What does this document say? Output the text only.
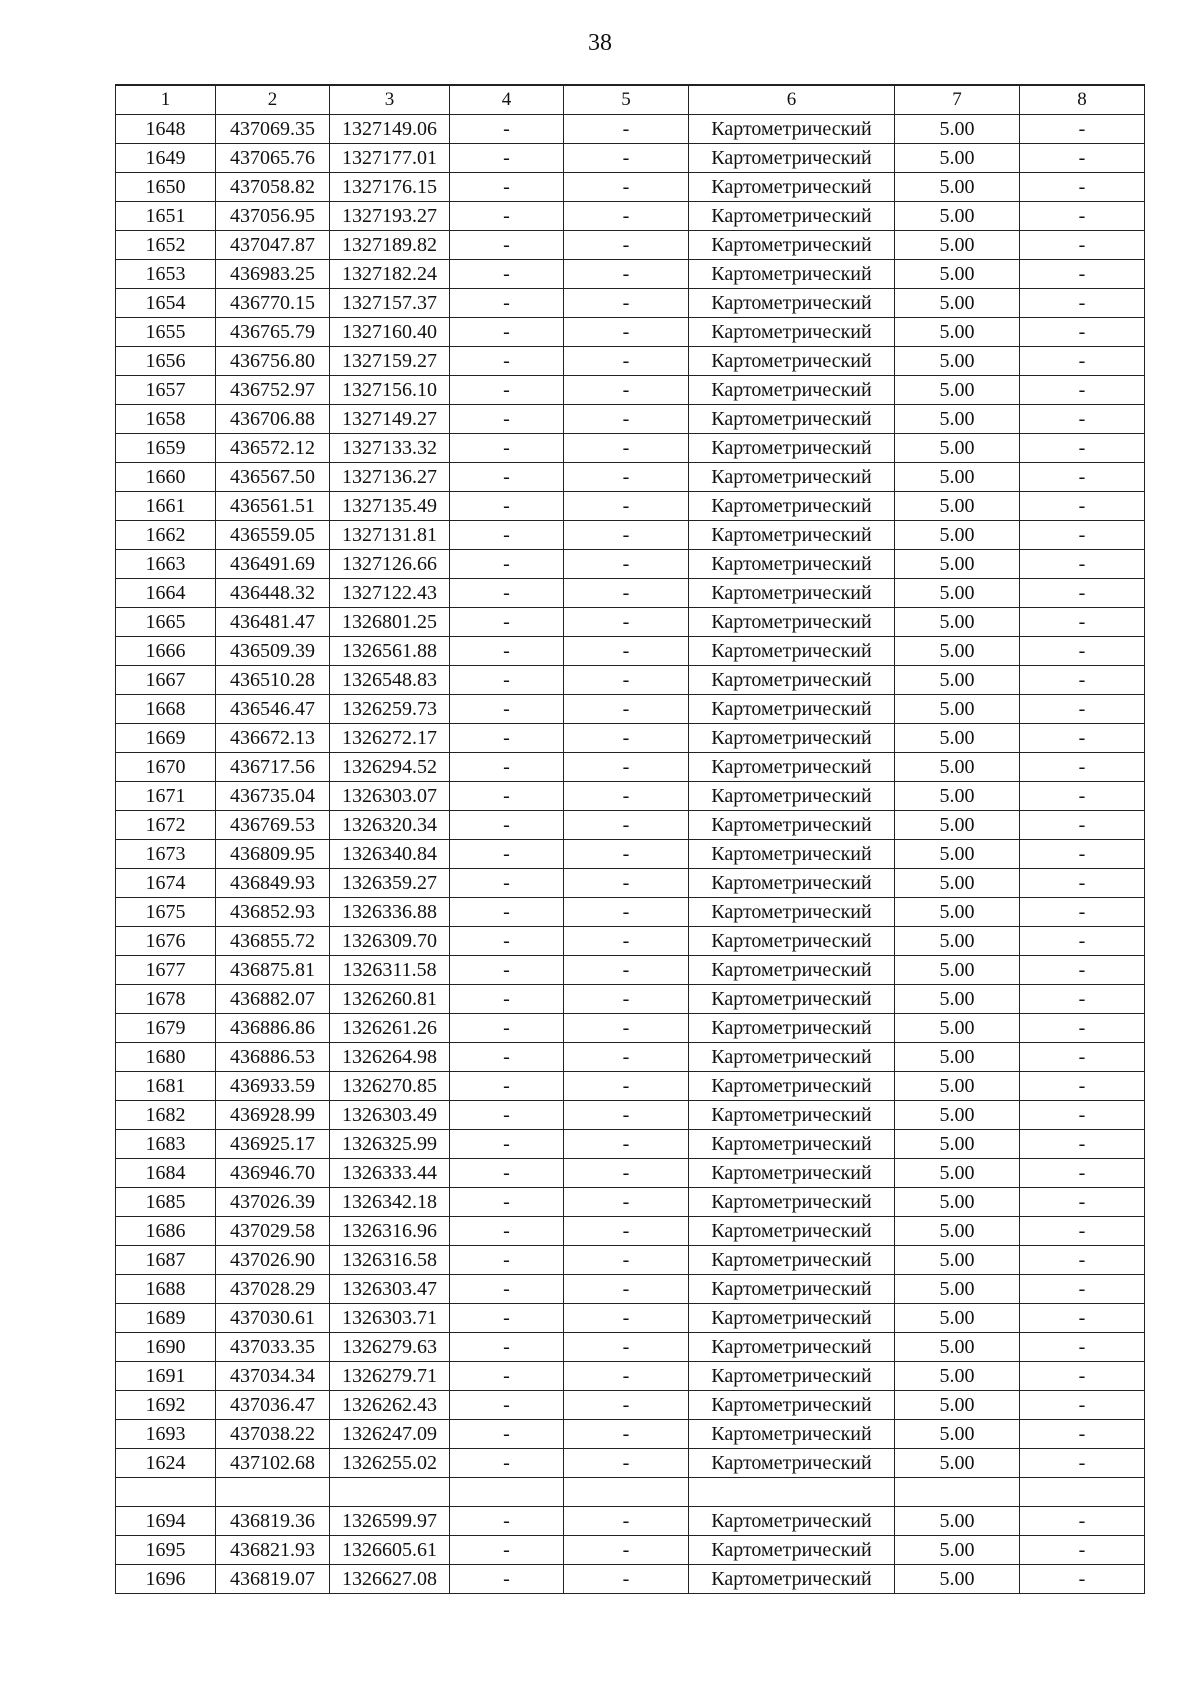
38
1	2	3	4	5	6	7	8
1648	437069.35	1327149.06	-	-	Картометрический	5.00	-
1649	437065.76	1327177.01	-	-	Картометрический	5.00	-
1650	437058.82	1327176.15	-	-	Картометрический	5.00	-
1651	437056.95	1327193.27	-	-	Картометрический	5.00	-
1652	437047.87	1327189.82	-	-	Картометрический	5.00	-
1653	436983.25	1327182.24	-	-	Картометрический	5.00	-
1654	436770.15	1327157.37	-	-	Картометрический	5.00	-
1655	436765.79	1327160.40	-	-	Картометрический	5.00	-
1656	436756.80	1327159.27	-	-	Картометрический	5.00	-
1657	436752.97	1327156.10	-	-	Картометрический	5.00	-
1658	436706.88	1327149.27	-	-	Картометрический	5.00	-
1659	436572.12	1327133.32	-	-	Картометрический	5.00	-
1660	436567.50	1327136.27	-	-	Картометрический	5.00	-
1661	436561.51	1327135.49	-	-	Картометрический	5.00	-
1662	436559.05	1327131.81	-	-	Картометрический	5.00	-
1663	436491.69	1327126.66	-	-	Картометрический	5.00	-
1664	436448.32	1327122.43	-	-	Картометрический	5.00	-
1665	436481.47	1326801.25	-	-	Картометрический	5.00	-
1666	436509.39	1326561.88	-	-	Картометрический	5.00	-
1667	436510.28	1326548.83	-	-	Картометрический	5.00	-
1668	436546.47	1326259.73	-	-	Картометрический	5.00	-
1669	436672.13	1326272.17	-	-	Картометрический	5.00	-
1670	436717.56	1326294.52	-	-	Картометрический	5.00	-
1671	436735.04	1326303.07	-	-	Картометрический	5.00	-
1672	436769.53	1326320.34	-	-	Картометрический	5.00	-
1673	436809.95	1326340.84	-	-	Картометрический	5.00	-
1674	436849.93	1326359.27	-	-	Картометрический	5.00	-
1675	436852.93	1326336.88	-	-	Картометрический	5.00	-
1676	436855.72	1326309.70	-	-	Картометрический	5.00	-
1677	436875.81	1326311.58	-	-	Картометрический	5.00	-
1678	436882.07	1326260.81	-	-	Картометрический	5.00	-
1679	436886.86	1326261.26	-	-	Картометрический	5.00	-
1680	436886.53	1326264.98	-	-	Картометрический	5.00	-
1681	436933.59	1326270.85	-	-	Картометрический	5.00	-
1682	436928.99	1326303.49	-	-	Картометрический	5.00	-
1683	436925.17	1326325.99	-	-	Картометрический	5.00	-
1684	436946.70	1326333.44	-	-	Картометрический	5.00	-
1685	437026.39	1326342.18	-	-	Картометрический	5.00	-
1686	437029.58	1326316.96	-	-	Картометрический	5.00	-
1687	437026.90	1326316.58	-	-	Картометрический	5.00	-
1688	437028.29	1326303.47	-	-	Картометрический	5.00	-
1689	437030.61	1326303.71	-	-	Картометрический	5.00	-
1690	437033.35	1326279.63	-	-	Картометрический	5.00	-
1691	437034.34	1326279.71	-	-	Картометрический	5.00	-
1692	437036.47	1326262.43	-	-	Картометрический	5.00	-
1693	437038.22	1326247.09	-	-	Картометрический	5.00	-
1624	437102.68	1326255.02	-	-	Картометрический	5.00	-

1694	436819.36	1326599.97	-	-	Картометрический	5.00	-
1695	436821.93	1326605.61	-	-	Картометрический	5.00	-
1696	436819.07	1326627.08	-	-	Картометрический	5.00	-
